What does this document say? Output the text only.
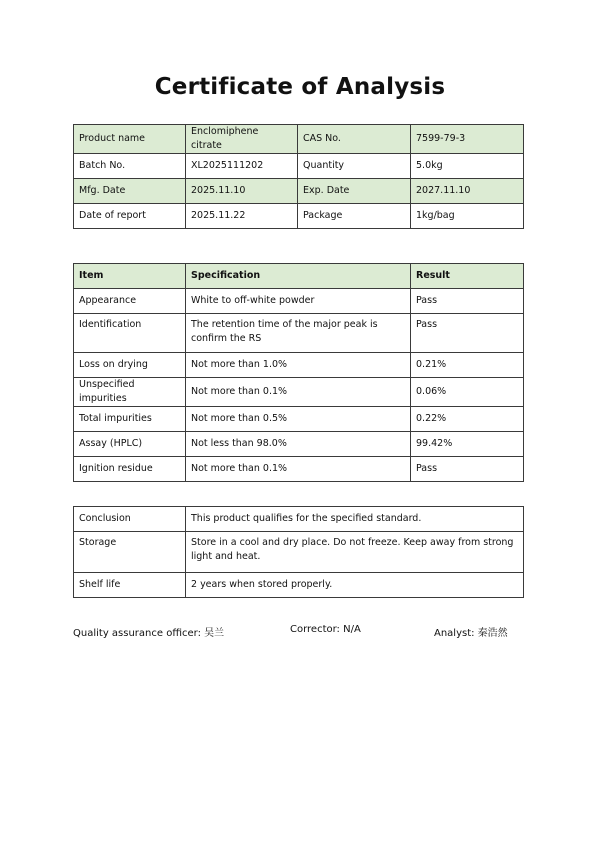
Certificate of Analysis
Product name	Enclomiphene citrate	CAS No.	7599-79-3
Batch No.	XL2025111202	Quantity	5.0kg
Mfg. Date	2025.11.10	Exp. Date	2027.11.10
Date of report	2025.11.22	Package	1kg/bag
Item	Specification	Result
Appearance	White to off-white powder	Pass
Identification	The retention time of the major peak is confirm the RS	Pass
Loss on drying	Not more than 1.0%	0.21%
Unspecified impurities	Not more than 0.1%	0.06%
Total impurities	Not more than 0.5%	0.22%
Assay (HPLC)	Not less than 98.0%	99.42%
Ignition residue	Not more than 0.1%	Pass
Conclusion	This product qualifies for the specified standard.
Storage	Store in a cool and dry place. Do not freeze. Keep away from strong light and heat.
Shelf life	2 years when stored properly.
Quality assurance officer: 吴兰	Corrector: N/A	Analyst: 秦浩然
